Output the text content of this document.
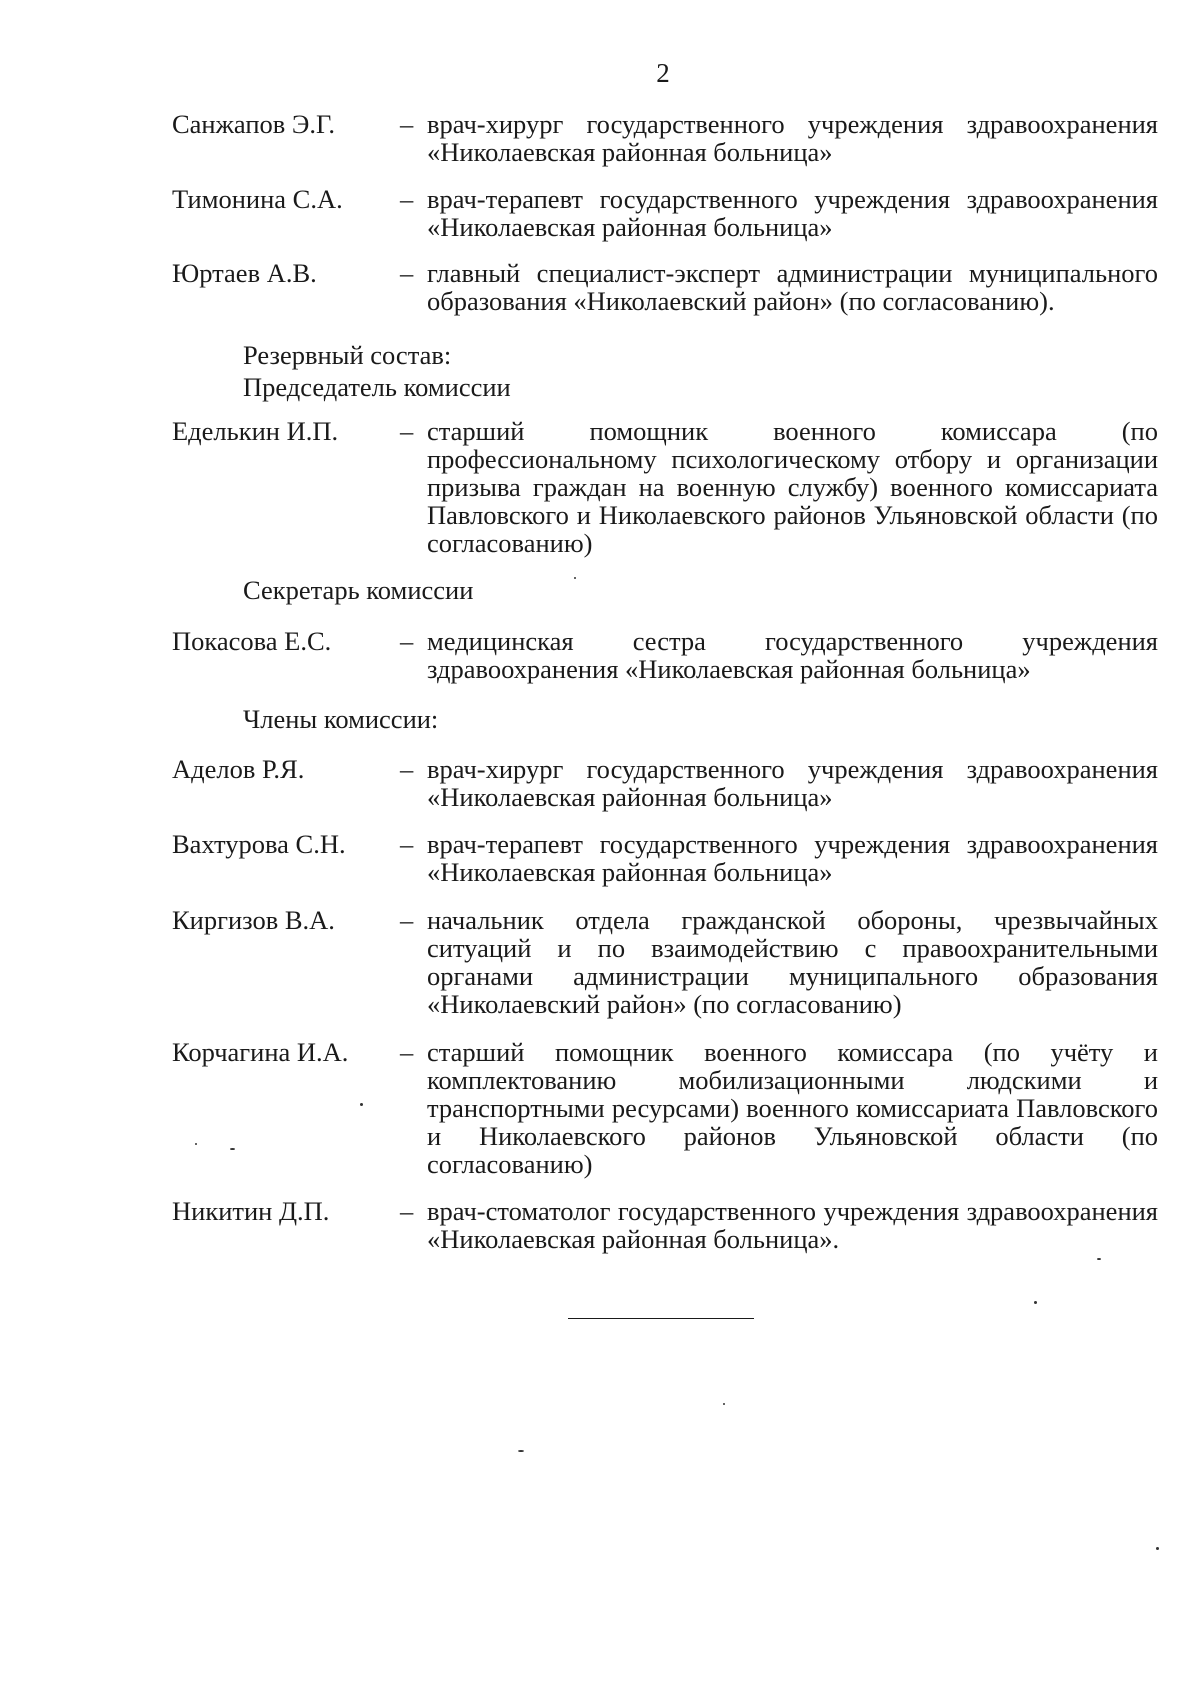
2
Санжапов Э.Г. – врач-хирург государственного учреждения здравоохранения «Николаевская районная больница»
Тимонина С.А. – врач-терапевт государственного учреждения здравоохранения «Николаевская районная больница»
Юртаев А.В.	– главный специалист-эксперт администрации муниципального образования «Николаевский район» (по согласованию).
Резервный состав:
Председатель комиссии
Еделькин И.П. – старший помощник военного комиссара (по профессиональному психологическому отбору и организации призыва граждан на военную службу) военного комиссариата Павловского и Николаевского районов Ульяновской области (по согласованию)
Секретарь комиссии
Покасова Е.С.	– медицинская сестра государственного учреждения здравоохранения «Николаевская районная больница»
Члены комиссии:
Аделов Р.Я.	– врач-хирург государственного учреждения здравоохранения «Николаевская районная больница»
Вахтурова С.Н. – врач-терапевт государственного учреждения здравоохранения «Николаевская районная больница»
Киргизов В.А. – начальник отдела гражданской обороны, чрезвычайных ситуаций и по взаимодействию с правоохранительными органами администрации муниципального образования «Николаевский район» (по согласованию)
Корчагина И.А. – старший помощник военного комиссара (по учёту и комплектованию мобилизационными людскими и транспортными ресурсами) военного комиссариата Павловского и Николаевского районов Ульяновской области (по согласованию)
Никитин Д.П.	– врач-стоматолог государственного учреждения здравоохранения «Николаевская районная больница».
